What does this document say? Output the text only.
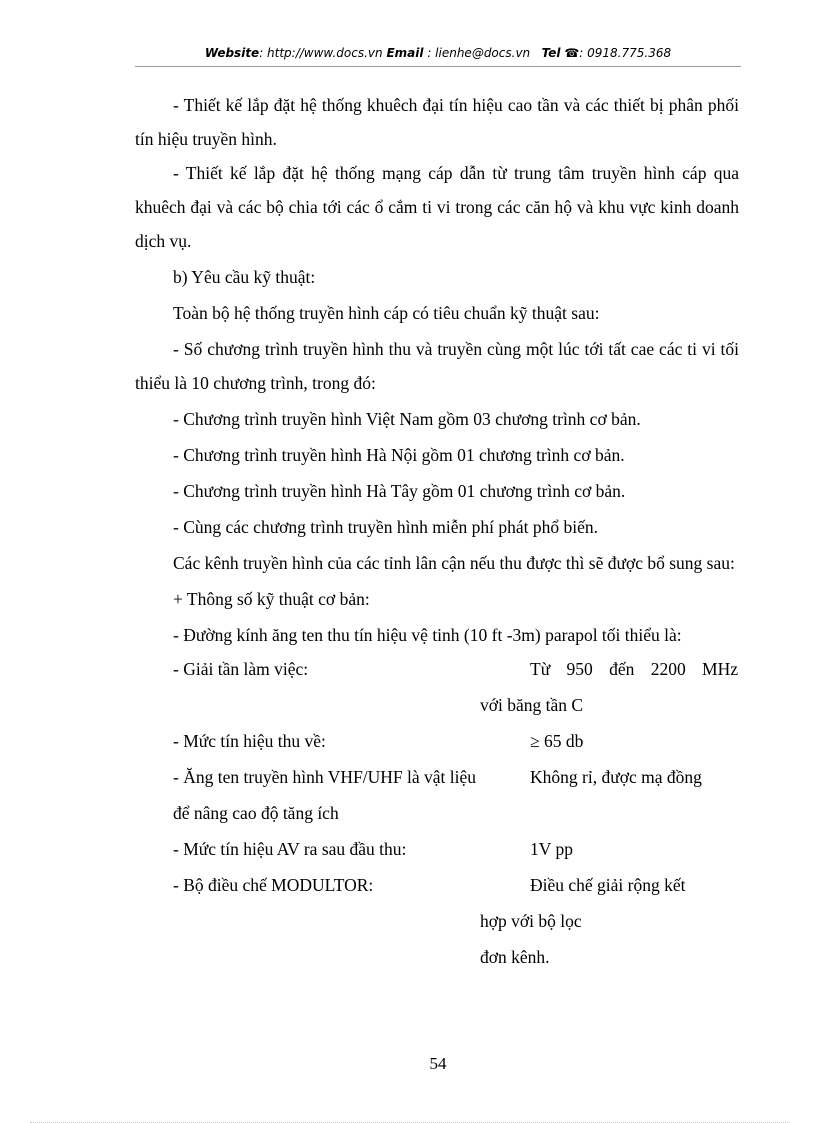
Website: http://www.docs.vn Email : lienhe@docs.vn Tel ☎: 0918.775.368

- Thiết kế lắp đặt hệ thống khuêch đại tín hiệu cao tần và các thiết bị phân phối tín hiệu truyền hình.

- Thiết kế lắp đặt hệ thống mạng cáp dẫn từ trung tâm truyền hình cáp qua khuêch đại và các bộ chia tới các ổ cắm ti vi trong các căn hộ và khu vực kinh doanh dịch vụ.

b) Yêu cầu kỹ thuật:

Toàn bộ hệ thống truyền hình cáp có tiêu chuẩn kỹ thuật sau:

- Số chương trình truyền hình thu và truyền cùng một lúc tới tất cae các ti vi tối thiểu là 10 chương trình, trong đó:

- Chương trình truyền hình Việt Nam gồm 03 chương trình cơ bản.

- Chương trình truyền hình Hà Nội gồm 01 chương trình cơ bản.

- Chương trình truyền hình Hà Tây gồm 01 chương trình cơ bản.

- Cùng các chương trình truyền hình miễn phí phát phổ biến.

Các kênh truyền hình của các tỉnh lân cận nếu thu được thì sẽ được bổ sung sau:

+ Thông số kỹ thuật cơ bản:

- Đường kính ăng ten thu tín hiệu vệ tinh (10 ft -3m) parapol tối thiểu là:

- Giải tần làm việc:	Từ 950 đến 2200 MHz
với băng tần C
- Mức tín hiệu thu về:	≥ 65 db
- Ăng ten truyền hình VHF/UHF là vật liệu	Không rỉ, được mạ đồng
để nâng cao độ tăng ích
- Mức tín hiệu AV ra sau đầu thu:	1V pp
- Bộ điều chế MODULTOR:	Điều chế giải rộng kết
hợp với bộ lọc
đơn kênh.
54
